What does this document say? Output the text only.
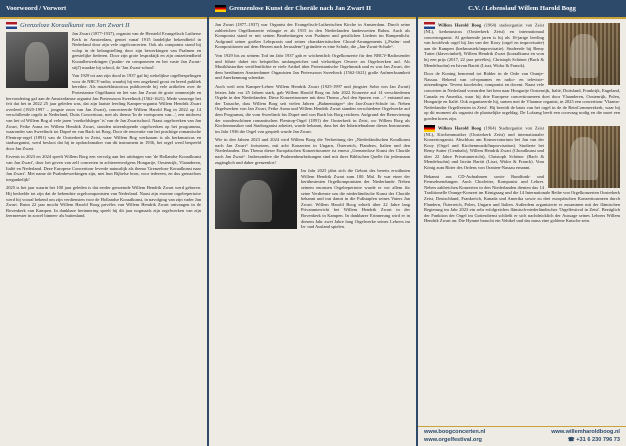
Voorwoord / Vorwort
Grenzeloze Koraalkunst van Jan Zwart II

Jan Zwart (1877-1937), organist van de Hersteld Evangelisch Lutherse Kerk in Amsterdam, geniet vanaf 1915 landelijke bekendheid in Nederland door zijn vele orgelconcerten. Ook als componist stond hij volop in de belangstelling door zijn bewerkingen van Psalmen en geestelijke liederen. Door zijn grote lespraktijk en zijn ontzettendheid Koraalbewerkingen ('psalm- en componeren en het vaste Jan Zwart-stijl') maakte hij school, de 'Jan Zwart-school'.

Van 1929 tot aan zijn dood in 1937 gaf hij wekelijkse orgelbespelingen voor de NRCV-radio; waarbij hij een ongekend groot en breed publiek bereikte. Als muziekhistoricus publiceerde hij vele artikelen over de Protestantse Orgelkunst en het van Jan Zwart de grote ommezijde en hervondering gaf aan de Amsterdamse organist Jan Pieterszoon Sweelinck (1562-1621). Mede vanwege het feit dat het in 2022 25 jaar geleden was, dat zijn laatste leerling Kamper-organist Willem Hendrik Zwart overleed (1925-1997 – jongste zoon van Jan Zwart), concerteerde Willem Harold Bog in 2022 op 14 verschillende orgels in Nederland, Duits Concerttour, met als thema 'In de voetsporen van...', een midwest van het cd Willem Bog al vele jaren 'voetkeldsleger' is' van de Jan Zwartschool. Naast orgelwerken van Jan Zwart, Feike Asma en Willem Hendrik Zwart, stonden uiteenlopende orgelwerken op het programma, waaronder van Sweelinck tot Dupré en van Bach tot Borg. Door de renovatie van het prachtige romantische Flentrop-orgel (1891) van de Oosterkerk in Zeist, waar Willem Bog werkzaam is als kerkmusicus en stadsorganist, werd besloot dat hij in opdrachtmaker van dit instrument in 1936, het orgel werd bespeeld door Jan Zwart.

Ervenis in 2023 en 2024 speelt Willem Borg een vervolg aan het uitdragen van 'de Hollandse Koraalkunst van Jan Zwart', door het geven van zelf concerten in achtereenvolgens Hongarije, Oostenrijk, Vlaanderen, Italië en Nederland. Deze Europese Concerttour leverde natuurlijk als thema 'Grenzeloze Koraalkunst naar Jan Zwart'. Met name de Psalmbewerkingen zijn, met hun Bijbelse bron, voor iedereen, en dus grenzeloos toegankelijk!

2025 is het jaar waarin het 100 jaar geleden is dat eerder genoemde Willem Hendrik Zwart werd geboren. Hij bedoelde tot zijn dat de bekendste orgelcomponisten van Nederland. Naast zijn enorme orgelrepertoire werd hij vooral bekend om zijn verdiensten voor de Hollandse Koraalkunst, in navolging van zijn vader Jan Zwart. Ruim 22 jaar mocht Willem Harold Boog privéles van Willem Hendrik Zwart ontvangen in de Bovenkerk van Kampen. In dankbare herinnering speelt hij dit jaar nogmaals zijn orgelwerken van zijn leermeester in zowel binnen- als buitenland.

Grenzenlose Kunst der Choräle nach Jan Zwart II

Jan Zwart (1877–1937) war Organist der Evangelisch-Lutherischen Kirche in Amsterdam. Durch seine zahlreichen Orgelkonzerte erlangte er ab 1915 in den Niederlanden landesweiten Ruhm. Auch als Komponist stand er mit seinen Bearbeitungen von Psalmen und geistlichen Liedern im Rampenlicht. Aufgrund seiner großen Lehrpraxis und seiner charakteristischen Choral-Arrangements („Psalm- und Kompositionen auf dem Herzen nach Jerusalem“) gründete er eine Schule, die „Jan-Zwart-Schule“.

Von 1929 bis zu seinem Tod im Jahr 1937 gab er wöchentlich Orgelkonzerte für den NRCV-Radiosender und führte dabei ein beispiellos umfangreiches und vielseitiges Oeuvre an Orgelwerken auf. Als Musikhistoriker veröffentlichte er viele Artikel über Protestantische Orgelmusik und es war Jan Zwart, der dem berühmten Amsterdamer Organisten Jan Pieterszoon Sweelinck (1562-1621) große Aufmerksamkeit und Anerkennung schenkte.

Auch weil sein Kamper-Lehrer Willem Hendrik Zwart (1925-1997 und jüngster Sohn von Jan Zwart) letztes Jahr vor 25 Jahren starb, gab Willem Harold Borg im Jahr 2022 Konzerte auf 14 verschiedenen Orgeln in den Niederlanden. Diese Konzerttournee mit dem Thema „Auf den Spuren von ...“ entstand aus der Tatsache, dass Willem Borg seit vielen Jahren „Bahnenträger“ der Jan-Zwart-Schule ist. Neben Orgelwerken von Jan Zwart, Feike Asma und Willem Hendrik Zwart standen verschiedene Orgelwerke auf dem Programm, die vom Sweelinck bis Dupré und von Bach bis Borg reichten. Aufgrund der Renovierung der wunderschönen romantischen Flentrop-Orgel (1891) der Oosterkerk in Zeist, wo Willem Borg als Kirchenmusiker und Stadtorganist arbeitet, wurde bekannt, dass bei der Inbetriebnahme dieses Instruments im Jahr 1936 die Orgel von gespielt wurde Jan Zwart.

Wie in den Jahren 2023 und 2024 wird Willem Boog die Verbreitung der „Niederländischen Koralkunst nach Jan Zwart“ fortsetzen, mit acht Konzerten in Ungarn, Österreich, Flandern, Italien und den Niederlanden. Das Thema dieser Europäischen Konzerttournee ist erneut „Grenzenlose Kunst der Choräle nach Jan Zwart“. Insbesondere die Psalmenbearbeitungen sind mit ihrer Biblischen Quelle für jedermann zugänglich und daher grenzenlos!

Im Jahr 2025 jährt sich die Geburt des bereits erwähnten Willem Hendrik Zwart zum 100. Mal. Er war einer der berühmtesten Orgelkomponisten der Niederlande. Neben seinem enormen Orgelrepertoire wurde er vor allem für seine Verdienste um die niederländische Kunst der Choräle bekannt und trat damit in die Fußstapfen seines Vaters Jan Zwart. Willem Harold Boog erhielt über 22 Jahre lang Privatunterricht bei Willem Hendrik Zwart in der Bovenkerk in Kampen. In dankbarer Erinnerung wird er in diesem Jahr zwei Jahre lang Orgelwerke seines Lehrers im In- und Ausland spielen.

C.V. / Lebenslauf Willem Harold Bogg

Willem Harold Boog (1964) stadsorganist van Zeist (NL), kerkmusicus (Oosterkerk Zeist) en internationaal concertorganist. Al gedurende jaren is hij als 16-jarige leerling van hoofdvak orgel bij Jan van der Kooy (orgel en improvisatie) aan de Kampen (kerkmusiek/improvisatie). Studeerde hij Remy Tuiter (klavecimbel), Willem Hendrik Zwart (koraalkunst en won hij een prijs (2017, 22 jaar privéles), Christoph Schöner (Bach & Mendelssohn) en Istvan Baróti (Liszt, Widor & Franck).

Door de Koning benoemd tot Ridder in de Orde van Oranje-Nassau. Bekend van cd-opnames en radio- en televisie-uitzendingen. Tevens koorleider, componist en docent. Naast vele concerten in Nederland voerarden het hem naar Hongarije Oostenrijk, Italië, Duitsland, Frankrijk, Engeland, Canada en Amerika, waar hij drie Europese concerttourneen doet door Vlaanderen, Oostenrijk, Polen, Hongarije en Italië. Ook organiseerde hij, samen met de Vlaamse organist, in 2023 een concerttour 'Vlaams-Nederlandse Orgelfeesten in Zeist'. Hij bereidt de basis van het orgel in de de ReinCommerzkerk, waar hij op dit moment als organist de plaatselijke orgeldag. De Lofzang heeft een coorvaag nodig en die moet een goeden koers zijn.

Willem Harold Boog (1964) Stadtorganist von Zeist (NL), Kirchenmusiker (Oosterkerk Zeist) und internationaler Konzertorganist. Abschluss am Konservatorium bei Jan van der Kooy (Orgel und Kirchenmusik/Improvisation). Studierte bei Remy Sutter (Cembalo), Willem Hendrik Zwart (Choralkunst und über 22 Jahre Privatunterricht), Christoph Schöner (Bach & Mendelssohn) und István Baróti (Liszt, Widor & Franck). Vom König zum Ritter des Ordens von Oranien-Nassau ernannt.

Bekannt aus CD-Aufnahmen sowie Rundfunk- und Fernsehsendungen. Auch Chorleiter, Komponist und Lehrer. Neben zahlreichen Konzerten in den Niederlanden dienten das 14 Traditionelle Orange-Konzert im Königsaag und die 14 Internationale Reihe von Orgelkonzerten Oosterkerk Zeist, Deutschland, Frankreich, Kanada und Amerika sowie zu drei europäischen Konzerttourneen durch Flandern, Österreich, Polen, Ungarn und Italien. Außerdem organisierte er zusammen mit der flämischen Regierung im Jahr 2023 ein sehr erfolgreiches flämisch-niederländisches 'Orgelfestival in Zeist'. Bezüglich der Funktion der Orgel im Gottesdienst schließt er sich nachdrücklich der Aussage seines Lehrers Willem Hendrik Zwart an: Die Hymne braucht ein Vehikel und das muss eine goldene Kutsche sein.

www.boogconcerten.nl	www.willemharoldboog.nl
www.orgelfestival.org	☎ +31 6 230 796 73
